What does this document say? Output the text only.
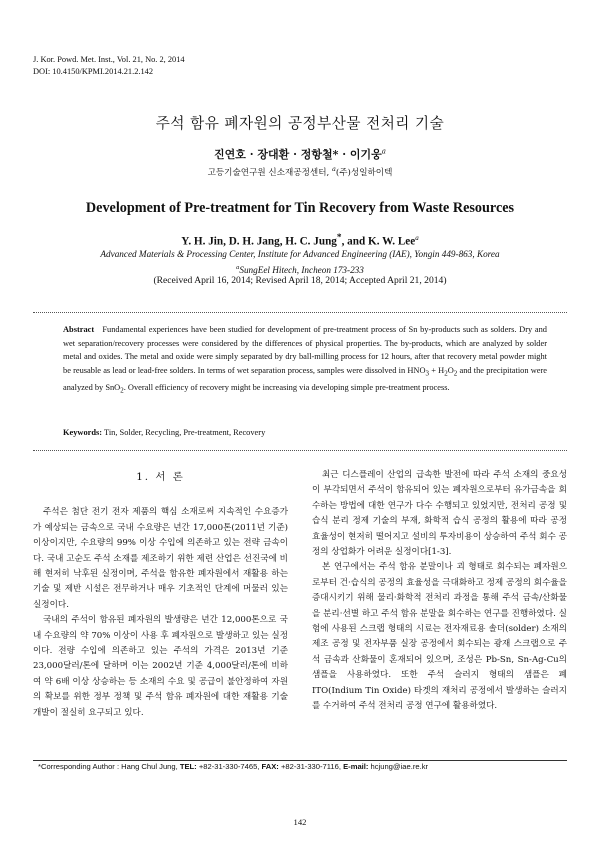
J. Kor. Powd. Met. Inst., Vol. 21, No. 2, 2014
DOI: 10.4150/KPMI.2014.21.2.142
주석 함유 폐자원의 공정부산물 전처리 기술
진연호 · 장대환 · 정항철* · 이기웅$^a$
고등기술연구원 신소재공정센터, $^a$(주)성일하이텍
Development of Pre-treatment for Tin Recovery from Waste Resources
Y. H. Jin, D. H. Jang, H. C. Jung*, and K. W. Lee$^a$
Advanced Materials & Processing Center, Institute for Advanced Engineering (IAE), Yongin 449-863, Korea
$^a$SungEel Hitech, Incheon 173-233
(Received April 16, 2014; Revised April 18, 2014; Accepted April 21, 2014)
Abstract Fundamental experiences have been studied for development of pre-treatment process of Sn by-products such as solders. Dry and wet separation/recovery processes were considered by the differences of physical properties. The by-products, which are analyzed by solder metal and oxides. The metal and oxide were simply separated by dry ball-milling process for 12 hours, after that recovery metal powder might be reusable as lead or lead-free solders. In terms of wet separation process, samples were dissolved in $HNO_3 + H_2O_2$ and the precipitation were analyzed by SnO$_2$. Overall efficiency of recovery might be increasing via developing simple pre-treatment process.
Keywords: Tin, Solder, Recycling, Pre-treatment, Recovery
1. 서 론

주석은 첨단 전기 전자 제품의 핵심 소재로써 지속적인 수요증가가 예상되는 금속으로 국내 수요량은 년간 17,000톤(2011년 기준) 이상이지만, 수요량의 99% 이상 수입에 의존하고 있는 전략 금속이다. 국내 고순도 주석 소재를 제조하기 위한 제련 산업은 선진국에 비해 현저히 낙후된 실정이며, 주석을 함유한 폐자원에서 재활용 하는 기술 및 제반 시설은 전무하거나 매우 기초적인 단계에 머물러 있는 실정이다.

국내의 주석이 함유된 폐자원의 발생량은 년간 12,000톤으로 국내 수요량의 약 70% 이상이 사용 후 폐자원으로 발생하고 있는 실정이다. 전량 수입에 의존하고 있는 주석의 가격은 2013년 기준 23,000달러/톤에 달하며 이는 2002년 기준 4,000달러/톤에 비하여 약 6배 이상 상승하는 등 소재의 수요 및 공급이 불안정하여 자원의 확보를 위한 정부 정책 및 주석 함유 폐자원에 대한 재활용 기술 개발이 절실히 요구되고 있다.

최근 디스플레이 산업의 급속한 발전에 따라 주석 소재의 중요성이 부각되면서 주석이 함유되어 있는 폐자원으로부터 유가금속을 회수하는 방법에 대한 연구가 다수 수행되고 있었지만, 전처리 공정 및 습식 분리 정제 기술의 부재, 화학적 습식 공정의 활용에 따라 공정 효율성이 현저히 떨어지고 설비의 투자비용이 상승하여 주석 회수 공정의 상업화가 어려운 실정이다[1-3].

본 연구에서는 주석 함유 분말이나 괴 형태로 회수되는 폐자원으로부터 건·습식의 공정의 효율성을 극대화하고 정제 공정의 회수율을 증대시키기 위해 물리·화학적 전처리 과정을 통해 주석 금속/산화물을 분리·선별 하고 주석 함유 분말을 회수하는 연구를 진행하였다. 실험에 사용된 스크랩 형태의 시료는 전자재료용 솔더(solder) 소재의 제조 공정 및 전자부품 실장 공정에서 회수되는 광재 스크랩으로 주석 금속과 산화물이 혼재되어 있으며, 조성은 Pb-Sn, Sn-Ag-Cu의 샘플을 사용하였다. 또한 주석 슬러지 형태의 샘플은 폐 ITO(Indium Tin Oxide) 타겟의 재처리 공정에서 발생하는 슬러지를 수거하여 주석 전처리 공정 연구에 활용하였다.

*Corresponding Author : Hang Chul Jung, TEL: +82-31-330-7465, FAX: +82-31-330-7116, E-mail: hcjung@iae.re.kr
142
